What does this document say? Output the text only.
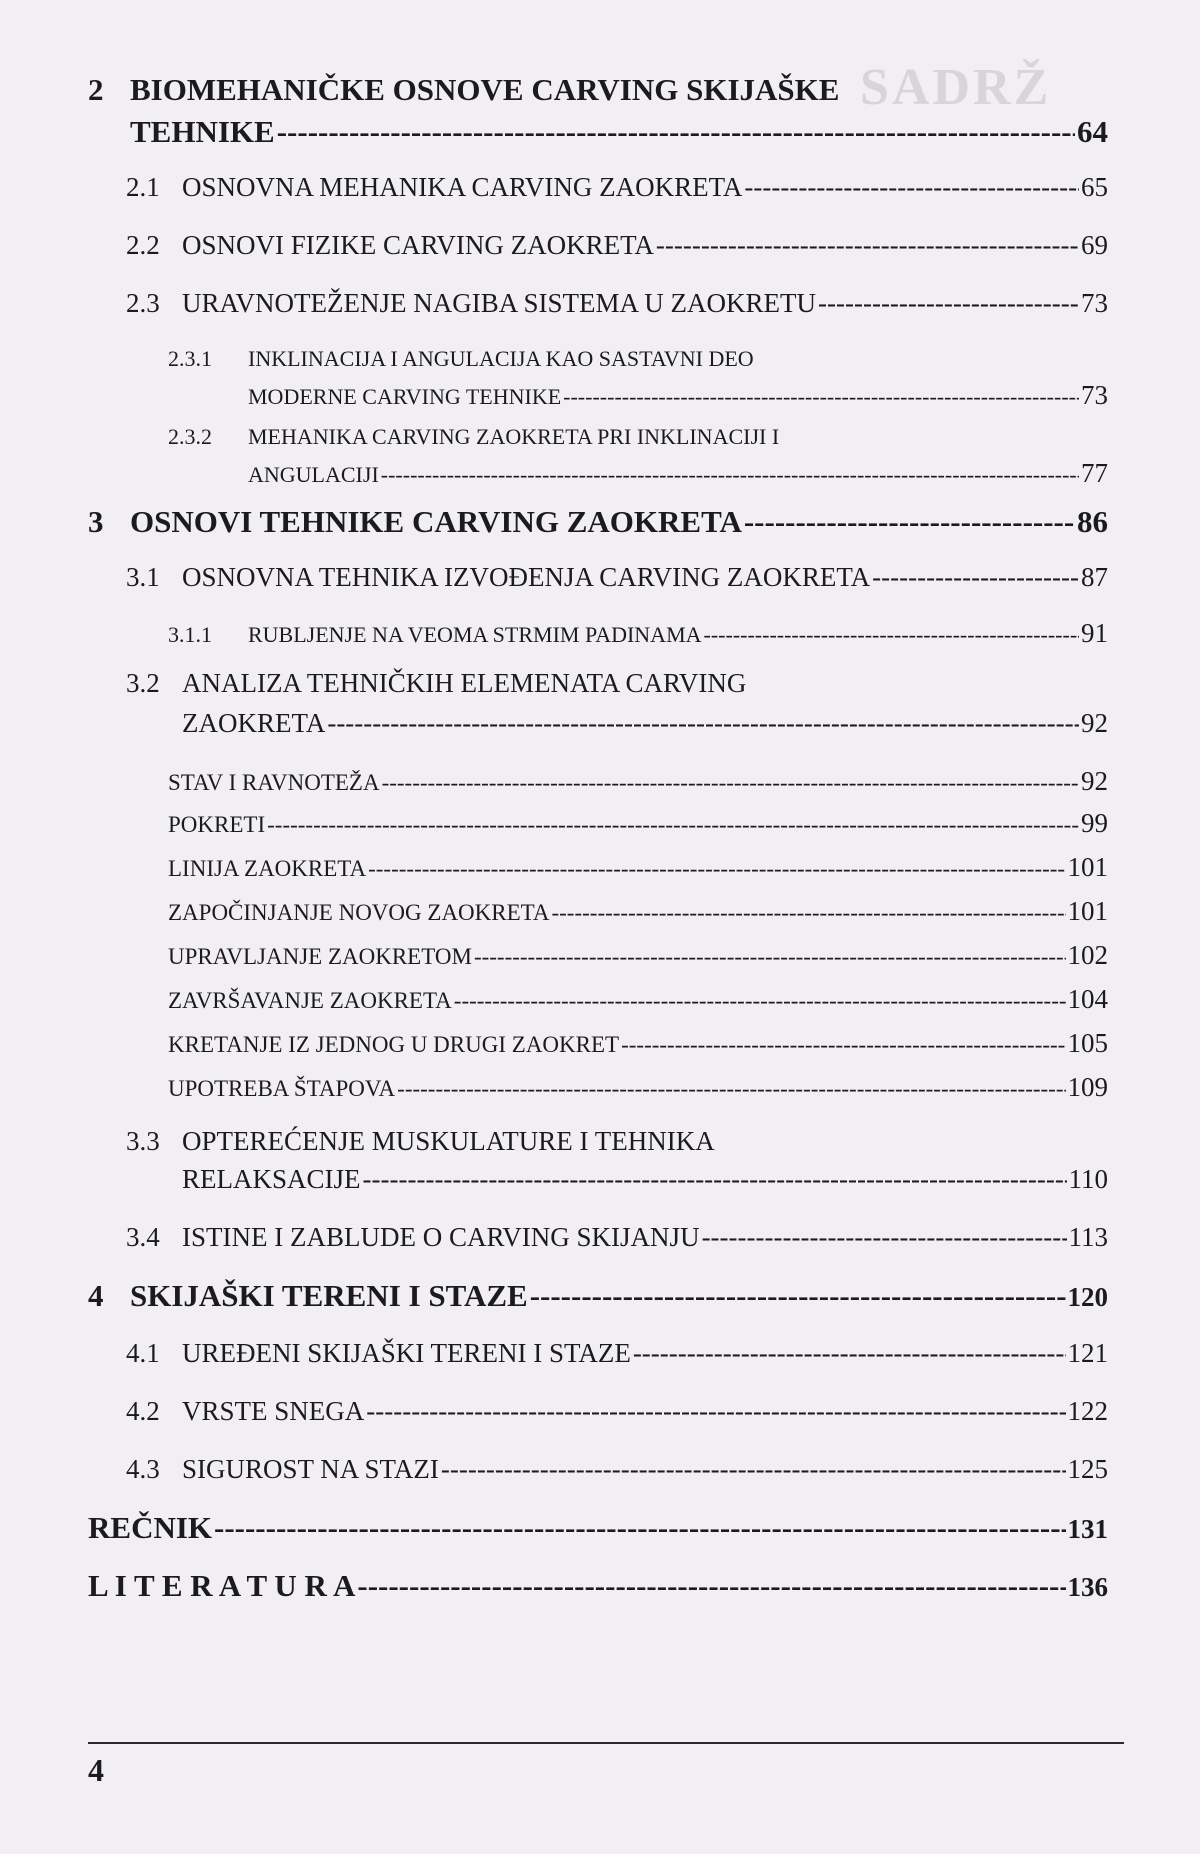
SADRŽ
2 BIOMEHANIČKE OSNOVE CARVING SKIJAŠKE
TEHNIKE -----	64
2.1 OSNOVNA MEHANIKA CARVING ZAOKRETA -----	65
2.2 OSNOVI FIZIKE CARVING ZAOKRETA -----	69
2.3 URAVNOTEŽENJE NAGIBA SISTEMA U ZAOKRETU -----	73
2.3.1 INKLINACIJA I ANGULACIJA KAO SASTAVNI DEO
MODERNE CARVING TEHNIKE -----	73
2.3.2 MEHANIKA CARVING ZAOKRETA PRI INKLINACIJI I
ANGULACIJI -----	77
3 OSNOVI TEHNIKE CARVING ZAOKRETA -----	86
3.1 OSNOVNA TEHNIKA IZVOĐENJA CARVING ZAOKRETA -----	87
3.1.1	RUBLJENJE NA VEOMA STRMIM PADINAMA -----	91
3.2 ANALIZA TEHNIČKIH ELEMENATA CARVING
ZAOKRETA -----	92
STAV I RAVNOTEŽA -----	92
POKRETI -----	99
LINIJA ZAOKRETA -----	101
ZAPOČINJANJE NOVOG ZAOKRETA -----	101
UPRAVLJANJE ZAOKRETOM -----	102
ZAVRŠAVANJE ZAOKRETA -----	104
KRETANJE IZ JEDNOG U DRUGI ZAOKRET -----	105
UPOTREBA ŠTAPOVA -----	109
3.3 OPTEREĆENJE MUSKULATURE I TEHNIKA
RELAKSACIJE -----	110
3.4 ISTINE I ZABLUDE O CARVING SKIJANJU -----	113
4 SKIJAŠKI TERENI I STAZE -----	120
4.1 UREĐENI SKIJAŠKI TERENI I STAZE -----	121
4.2 VRSTE SNEGA -----	122
4.3 SIGUROST NA STAZI -----	125
REČNIK -----	131
L I T E R A T U R A -----	136
4
